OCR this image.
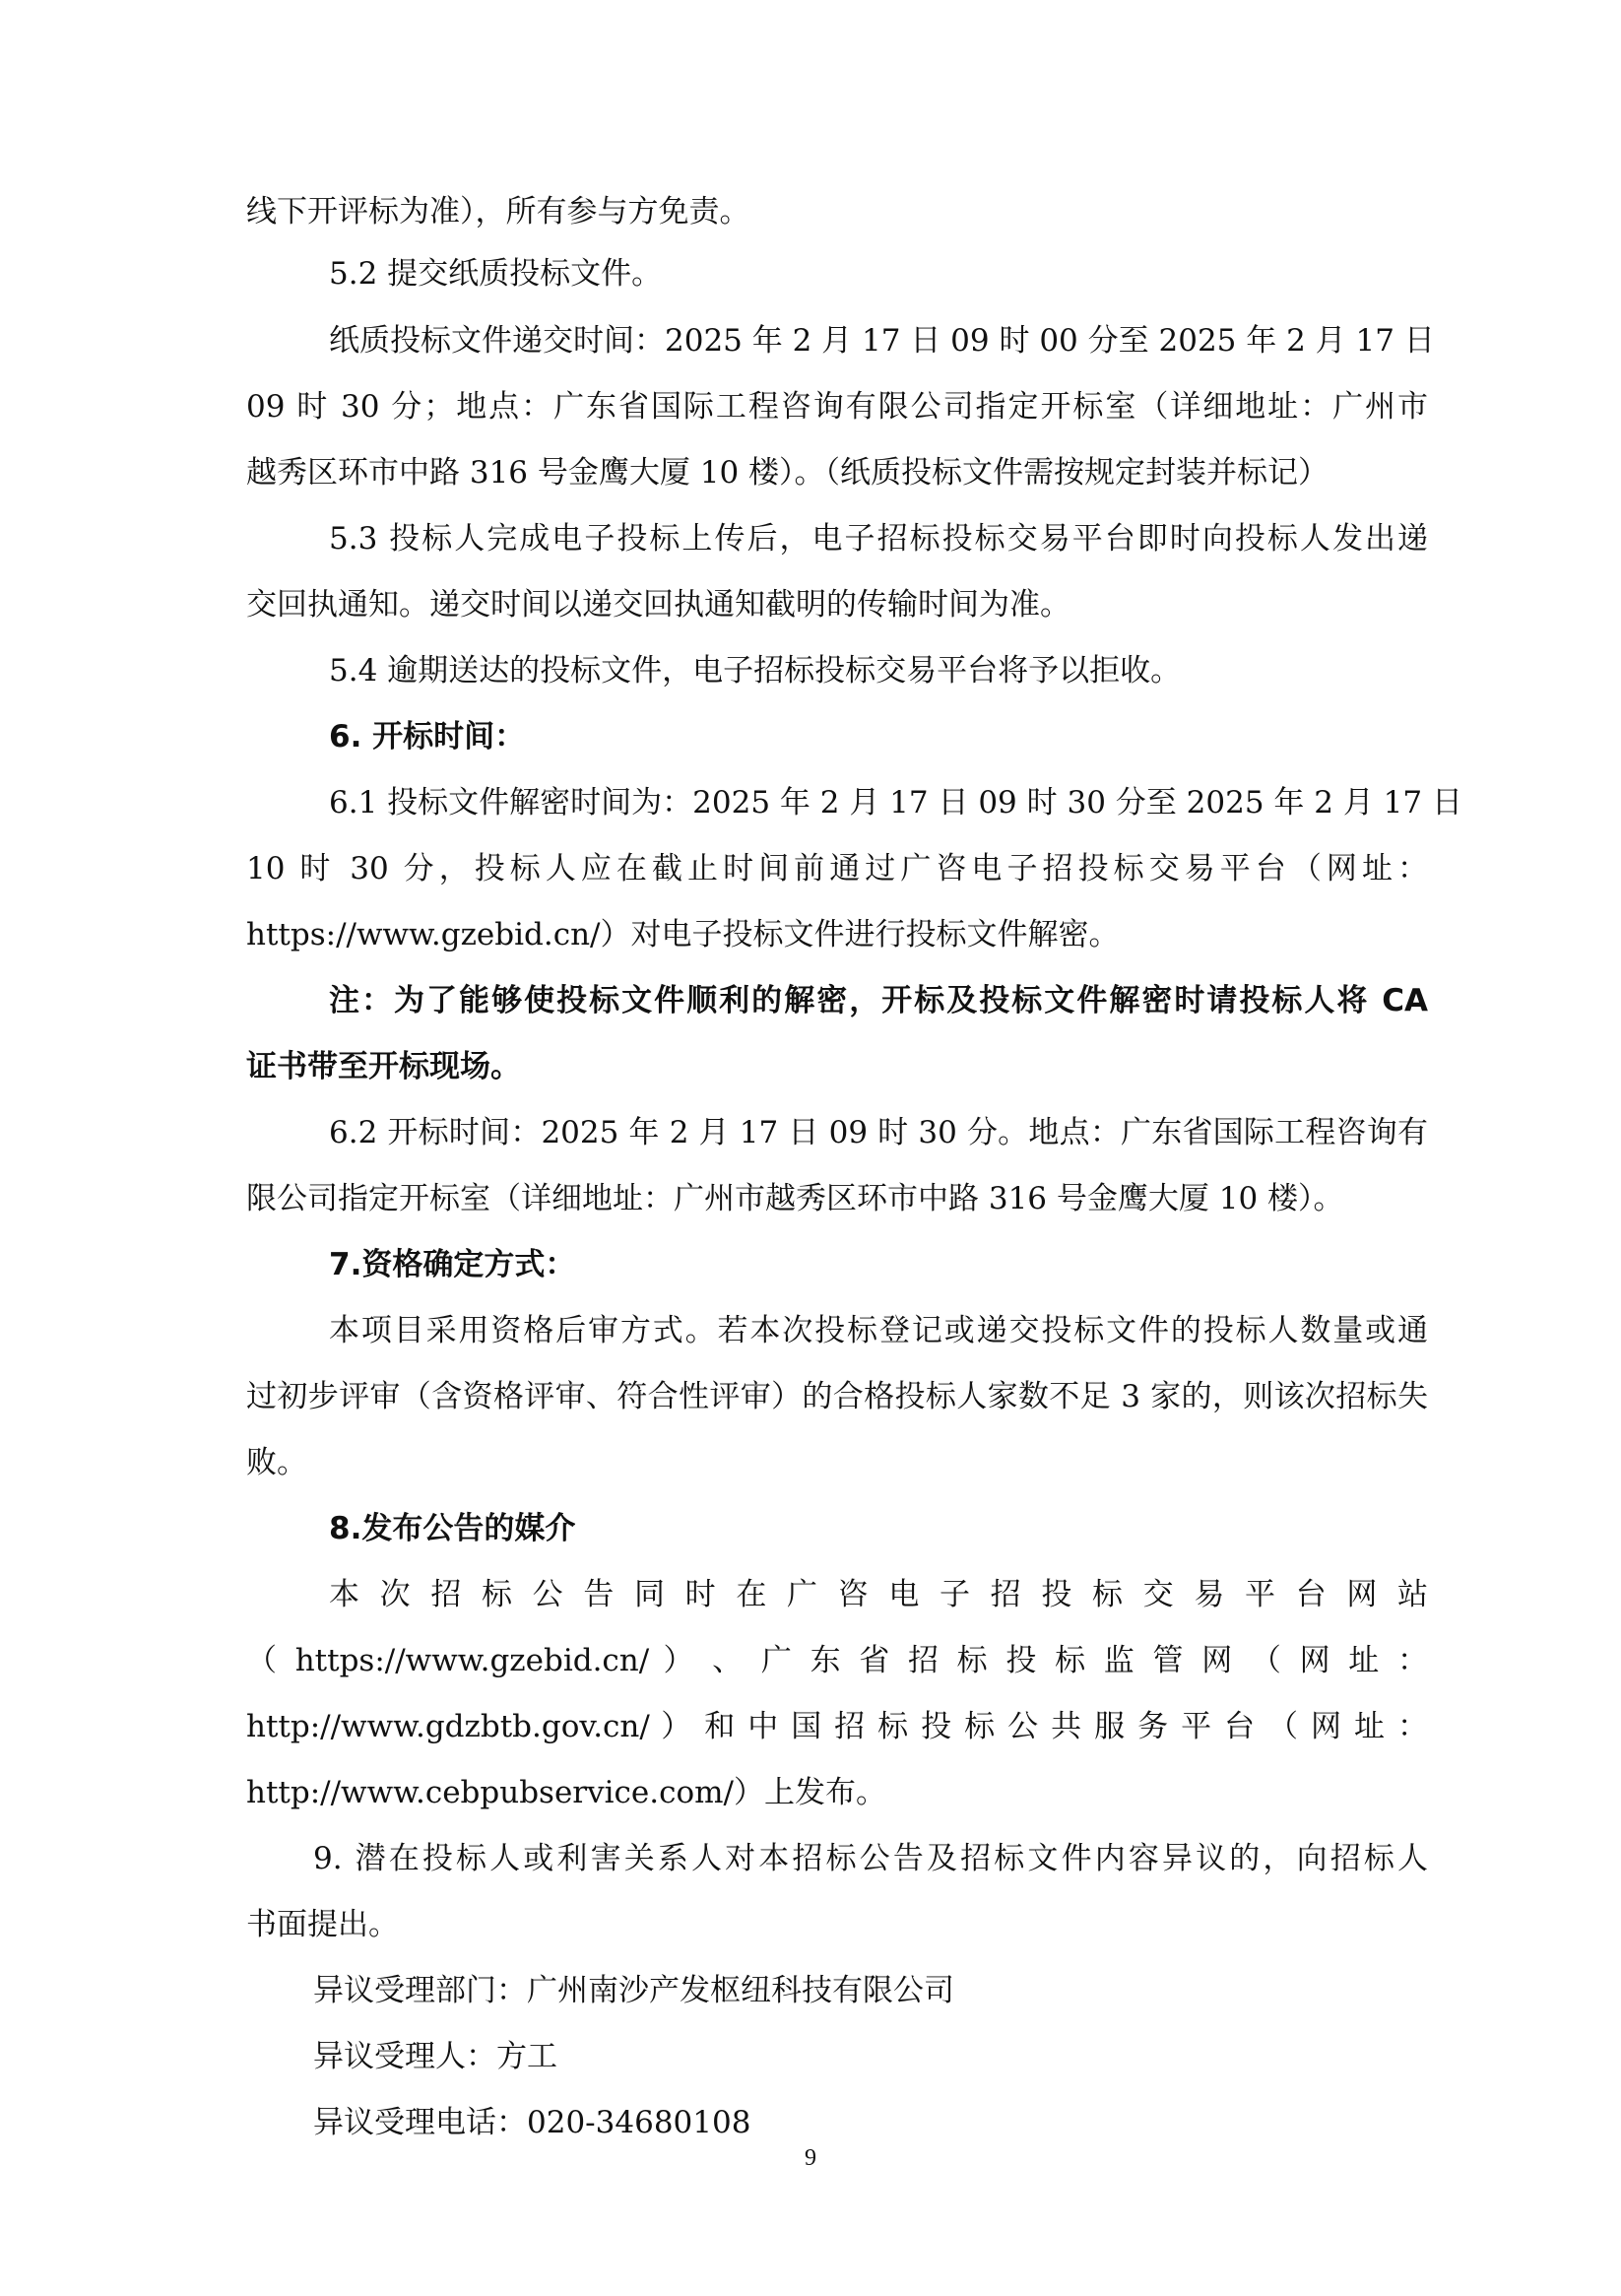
线下开评标为准），所有参与方免责。
5.2 提交纸质投标文件。
纸质投标文件递交时间：2025 年 2 月 17 日 09 时 00 分至 2025 年 2 月 17 日
09 时 30 分；地点：广东省国际工程咨询有限公司指定开标室（详细地址：广州市
越秀区环市中路 316 号金鹰大厦 10 楼）。（纸质投标文件需按规定封装并标记）
5.3 投标人完成电子投标上传后，电子招标投标交易平台即时向投标人发出递
交回执通知。递交时间以递交回执通知截明的传输时间为准。
5.4 逾期送达的投标文件，电子招标投标交易平台将予以拒收。
6. 开标时间：
6.1 投标文件解密时间为：2025 年 2 月 17 日 09 时 30 分至 2025 年 2 月 17 日
10 时 30 分，投标人应在截止时间前通过广咨电子招投标交易平台（网址：
https://www.gzebid.cn/）对电子投标文件进行投标文件解密。
注：为了能够使投标文件顺利的解密，开标及投标文件解密时请投标人将 CA
证书带至开标现场。
6.2 开标时间：2025 年 2 月 17 日 09 时 30 分。地点：广东省国际工程咨询有
限公司指定开标室（详细地址：广州市越秀区环市中路 316 号金鹰大厦 10 楼）。
7.资格确定方式：
本项目采用资格后审方式。若本次投标登记或递交投标文件的投标人数量或通
过初步评审（含资格评审、符合性评审）的合格投标人家数不足 3 家的，则该次招标失
败。
8.发布公告的媒介
本 次 招 标 公 告 同 时 在 广 咨 电 子 招 投 标 交 易 平 台 网 站
（ https://www.gzebid.cn/ ） 、 广 东 省 招 标 投 标 监 管 网 （ 网 址 ：
http://www.gdzbtb.gov.cn/ ） 和 中 国 招 标 投 标 公 共 服 务 平 台 （ 网 址 ：
http://www.cebpubservice.com/）上发布。
9. 潜在投标人或利害关系人对本招标公告及招标文件内容异议的，向招标人
书面提出。
异议受理部门：广州南沙产发枢纽科技有限公司
异议受理人：方工
异议受理电话：020-34680108
9
